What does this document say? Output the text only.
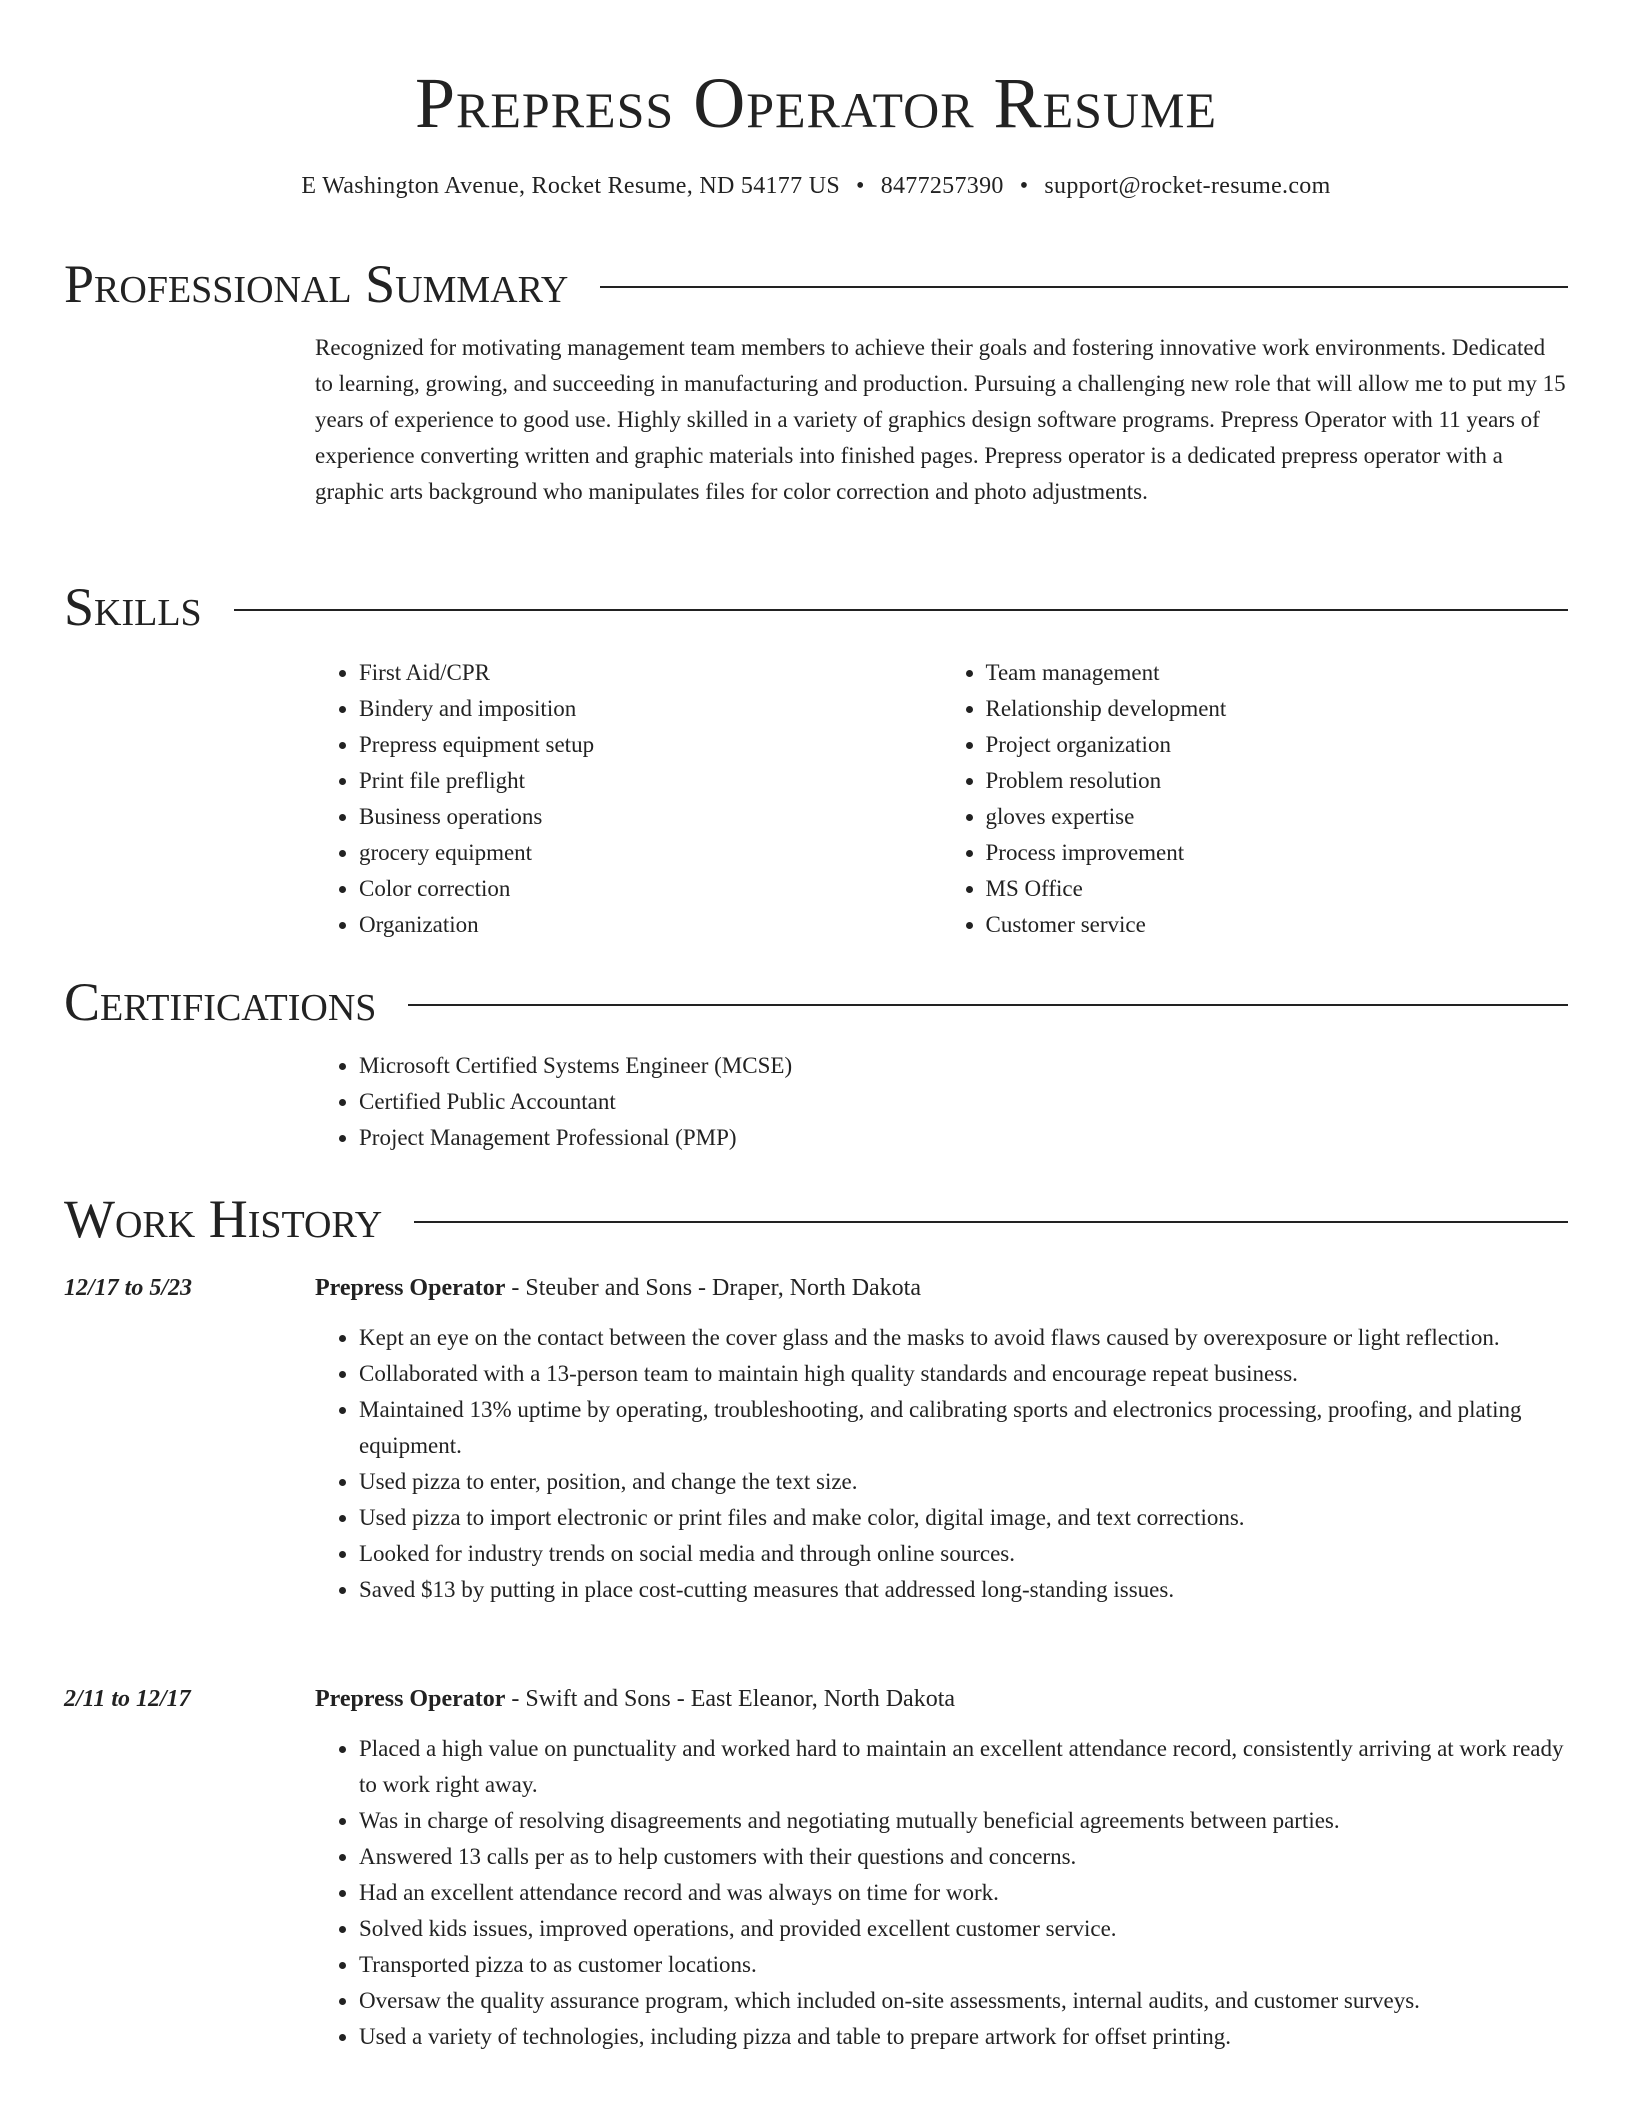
Prepress Operator Resume
E Washington Avenue, Rocket Resume, ND 54177 US • 8477257390 • support@rocket-resume.com
Professional Summary

Recognized for motivating management team members to achieve their goals and fostering innovative work environments. Dedicated to learning, growing, and succeeding in manufacturing and production. Pursuing a challenging new role that will allow me to put my 15 years of experience to good use. Highly skilled in a variety of graphics design software programs. Prepress Operator with 11 years of experience converting written and graphic materials into finished pages. Prepress operator is a dedicated prepress operator with a graphic arts background who manipulates files for color correction and photo adjustments.

Skills
• First Aid/CPR
• Bindery and imposition
• Prepress equipment setup
• Print file preflight
• Business operations
• grocery equipment
• Color correction
• Organization
• Team management
• Relationship development
• Project organization
• Problem resolution
• gloves expertise
• Process improvement
• MS Office
• Customer service
Certifications
• Microsoft Certified Systems Engineer (MCSE)
• Certified Public Accountant
• Project Management Professional (PMP)
Work History
12/17 to 5/23	Prepress Operator - Steuber and Sons - Draper, North Dakota
• Kept an eye on the contact between the cover glass and the masks to avoid flaws caused by overexposure or light reflection.
• Collaborated with a 13-person team to maintain high quality standards and encourage repeat business.
• Maintained 13% uptime by operating, troubleshooting, and calibrating sports and electronics processing, proofing, and plating equipment.
• Used pizza to enter, position, and change the text size.
• Used pizza to import electronic or print files and make color, digital image, and text corrections.
• Looked for industry trends on social media and through online sources.
• Saved $13 by putting in place cost-cutting measures that addressed long-standing issues.
2/11 to 12/17	Prepress Operator - Swift and Sons - East Eleanor, North Dakota
• Placed a high value on punctuality and worked hard to maintain an excellent attendance record, consistently arriving at work ready to work right away.
• Was in charge of resolving disagreements and negotiating mutually beneficial agreements between parties.
• Answered 13 calls per as to help customers with their questions and concerns.
• Had an excellent attendance record and was always on time for work.
• Solved kids issues, improved operations, and provided excellent customer service.
• Transported pizza to as customer locations.
• Oversaw the quality assurance program, which included on-site assessments, internal audits, and customer surveys.
• Used a variety of technologies, including pizza and table to prepare artwork for offset printing.
